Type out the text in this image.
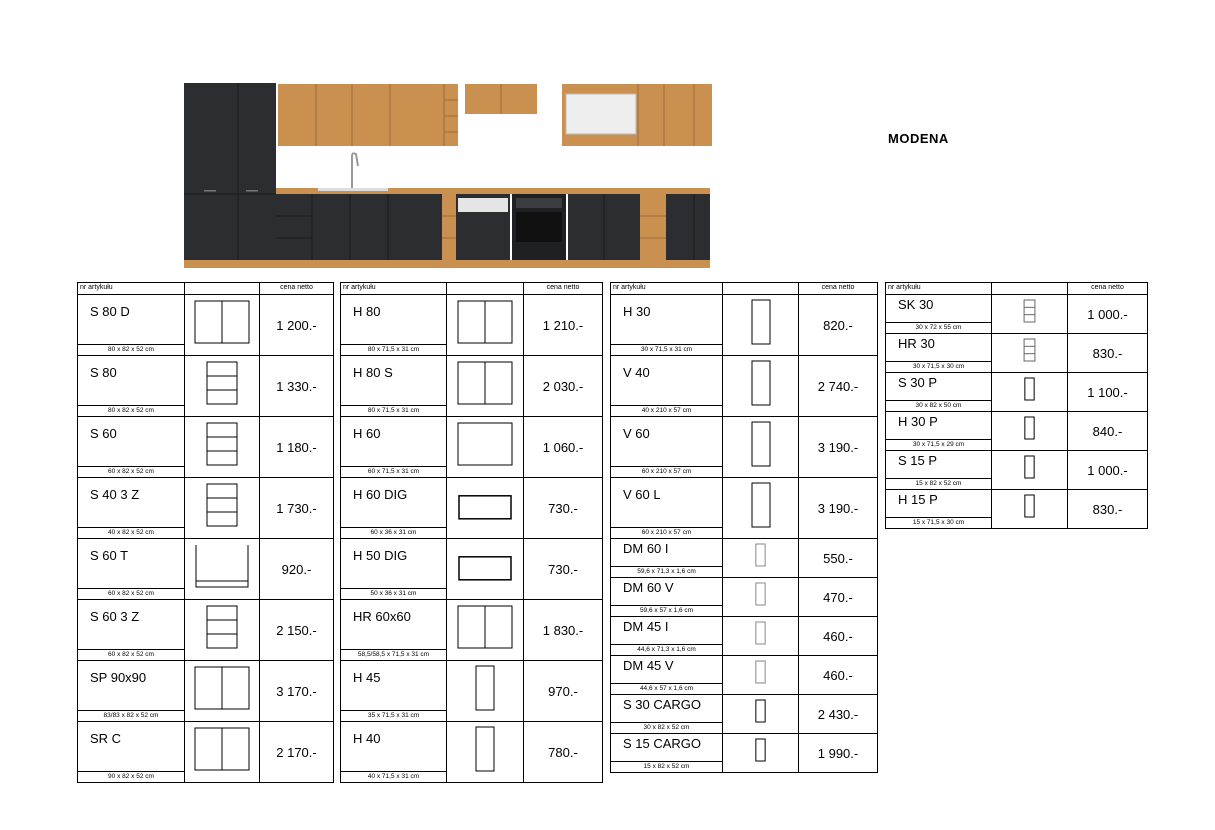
MODENA
nr artykułu		cena netto

S 80 D
80 x 82 x 52 cm		1 200.-

S 80
80 x 82 x 52 cm		1 330.-

S 60
60 x 82 x 52 cm		1 180.-

S 40 3 Z
40 x 82 x 52 cm		1 730.-

S 60 T
60 x 82 x 52 cm		920.-

S 60 3 Z
60 x 82 x 52 cm		2 150.-

SP 90x90
83/83 x 82 x 52 cm		3 170.-

SR C
90 x 82 x 52 cm		2 170.-
nr artykułu		cena netto

H 80
80 x 71,5 x 31 cm		1 210.-

H 80 S
80 x 71,5 x 31 cm		2 030.-

H 60
60 x 71,5 x 31 cm		1 060.-

H 60 DIG
60 x 36 x 31 cm		730.-

H 50 DIG
50 x 36 x 31 cm		730.-

HR 60x60
58,5/58,5 x 71,5 x 31 cm		1 830.-

H 45
35 x 71,5 x 31 cm		970.-

H 40
40 x 71,5 x 31 cm		780.-
nr artykułu		cena netto

H 30
30 x 71,5 x 31 cm		820.-

V 40
40 x 210 x 57 cm		2 740.-

V 60
60 x 210 x 57 cm		3 190.-

V 60 L
60 x 210 x 57 cm		3 190.-

DM 60 I
59,6 x 71,3 x 1,6 cm		550.-

DM 60 V
59,6 x 57 x 1,6 cm		470.-

DM 45 I
44,6 x 71,3 x 1,6 cm		460.-

DM 45 V
44,6 x 57 x 1,6 cm		460.-

S 30 CARGO
30 x 82 x 52 cm		2 430.-

S 15 CARGO
15 x 82 x 52 cm		1 990.-
nr artykułu		cena netto

SK 30
30 x 72 x 55 cm		1 000.-

HR 30
30 x 71,5 x 30 cm		830.-

S 30 P
30 x 82 x 50 cm		1 100.-

H 30 P
30 x 71,5 x 29 cm		840.-

S 15 P
15 x 82 x 52 cm		1 000.-

H 15 P
15 x 71,5 x 30 cm		830.-
